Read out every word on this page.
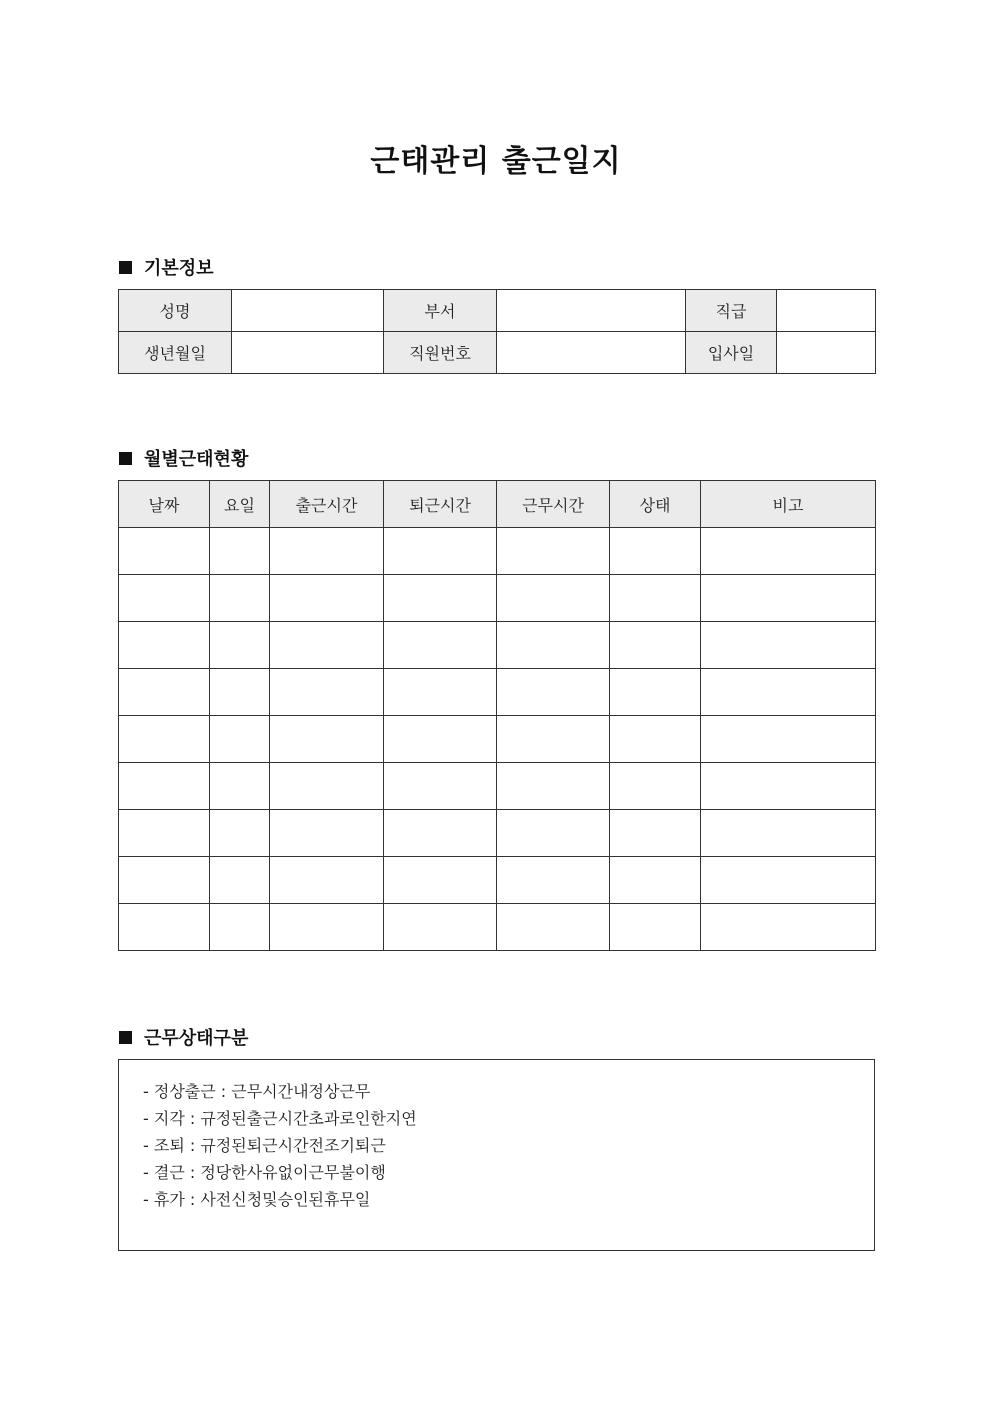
근태관리 출근일지
기본정보
성명		부서		직급	
생년월일		직원번호		입사일	
월별근태현황
날짜	요일	출근시간	퇴근시간	근무시간	상태	비고

근무상태구분
- 정상출근 : 근무시간내정상근무
- 지각 : 규정된출근시간초과로인한지연
- 조퇴 : 규정된퇴근시간전조기퇴근
- 결근 : 정당한사유없이근무불이행
- 휴가 : 사전신청및승인된휴무일
